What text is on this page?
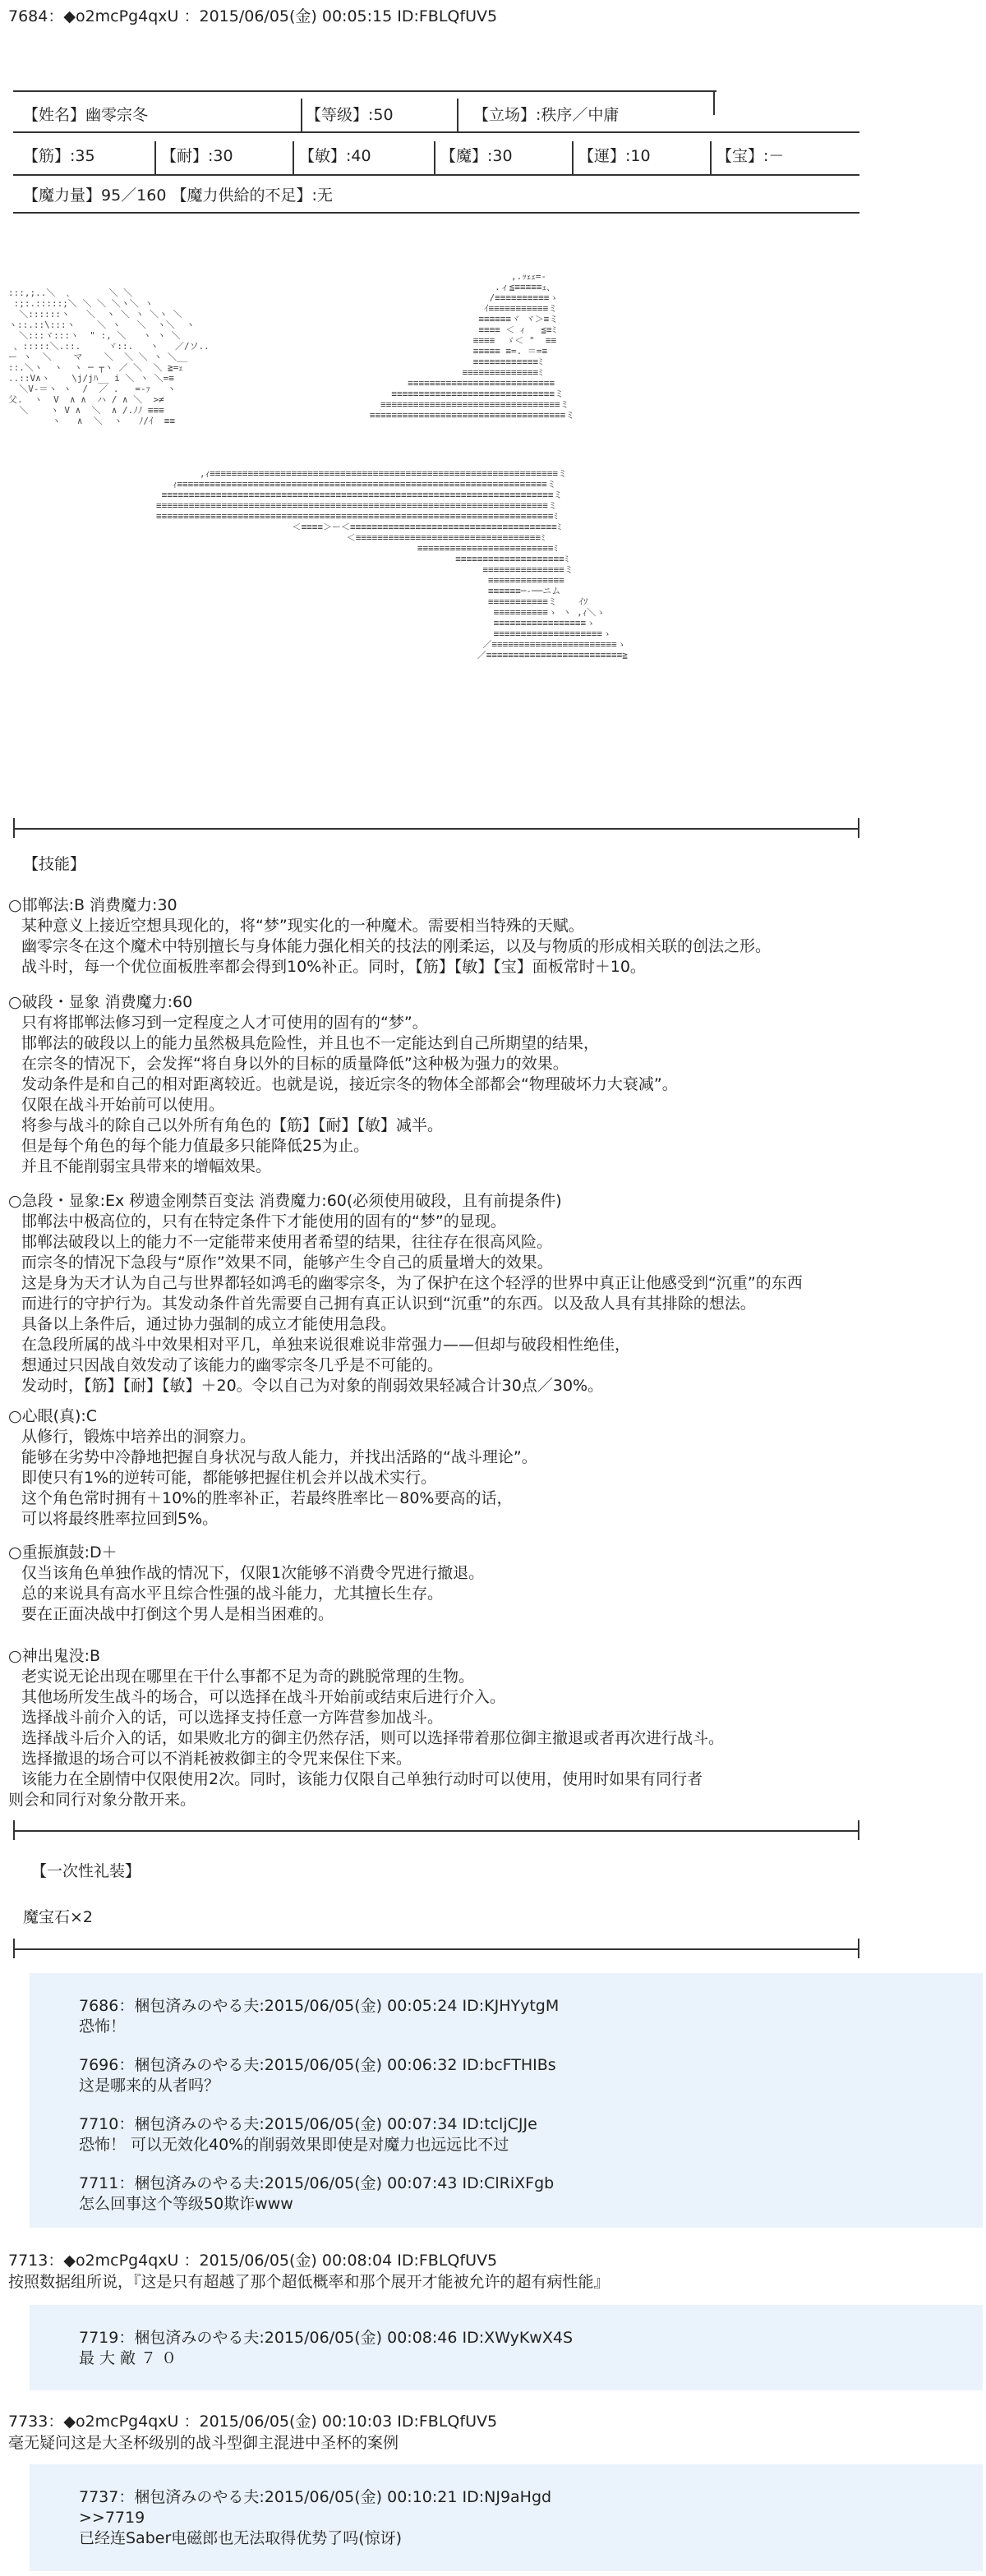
7684：◆o2mcPg4qxU ：2015/06/05(金) 00:05:15 ID:FBLQfUV5
【姓名】幽零宗冬	【等级】:50	【立场】:秩序／中庸
【筋】:35	【耐】:30	【敏】:40	【魔】:30	【運】:10	【宝】:－
【魔力量】95／160 【魔力供給的不足】:无
:::,;..＼  ､       ＼ ＼
:;:.:::::;＼ ＼ ＼ ＼ヽ＼ ヽ
＼::::::ヽ   ＼  ヽ ＼ ヽ ＼ヽ ＼
ヽ::.::\:::ヽ    ＼ ヽ   ＼  ヽ＼  ヽ
＼:::ヾ:::ヽ  " :, ＼   ヽ ヽ ＼
、:::::＼.::.     ヾ::.   ヽ   ／/ソ..
ー ヽ  ＼    マ    ＼  ＼ ＼ ヽ ＼__
::.＼ヽ  ヽ  ヽ ─ ┬ヽ ／ ＼  ＼ ≧=ｪ
..::V∧ヽ    \j/jﾊ__ i ＼ ヽ ＼=≡
＼V‐＝ヽ ヽ  /  ／ .   =-ｧ   ヽ
父.  ヽ  V  ∧ ∧  ハ / ∧ ＼  >≠
＼    ヽ V ∧  ＼  ∧ /.ﾉﾉ ≡≡≡
ヽ   ∧  ＼  ヽ   ﾉ/ｲ  ≡≡
,.ｯｪｪ=-
.ィ≦≡≡≡≡≡ｪ、
/≡≡≡≡≡≡≡≡≡≡ゝ
ｲ≡≡≡≡≡≡≡≡≡≡≡ミ
≡≡≡≡≡≡ヾ ヾ＞≡ミ
≡≡≡≡ ＜ ｨ   ≦≡ﾐ
≡≡≡≡  ゞ＜ "  ≡≡
≡≡≡≡≡ ≡=. ＝=≡
≡≡≡≡≡≡≡≡≡≡≡≡ﾐ
≡≡≡≡≡≡≡≡≡≡≡≡≡≡ﾐ
≡≡≡≡≡≡≡≡≡≡≡≡≡≡≡≡≡≡≡≡≡≡≡≡≡≡≡
≡≡≡≡≡≡≡≡≡≡≡≡≡≡≡≡≡≡≡≡≡≡≡≡≡≡≡≡≡≡ミ
≡≡≡≡≡≡≡≡≡≡≡≡≡≡≡≡≡≡≡≡≡≡≡≡≡≡≡≡≡≡≡≡≡ミ
≡≡≡≡≡≡≡≡≡≡≡≡≡≡≡≡≡≡≡≡≡≡≡≡≡≡≡≡≡≡≡≡≡≡≡≡ミ
,ｨ≡≡≡≡≡≡≡≡≡≡≡≡≡≡≡≡≡≡≡≡≡≡≡≡≡≡≡≡≡≡≡≡≡≡≡≡≡≡≡≡≡≡≡≡≡≡≡≡≡≡≡≡≡≡≡≡≡≡≡≡≡≡≡≡ミ
ｨ≡≡≡≡≡≡≡≡≡≡≡≡≡≡≡≡≡≡≡≡≡≡≡≡≡≡≡≡≡≡≡≡≡≡≡≡≡≡≡≡≡≡≡≡≡≡≡≡≡≡≡≡≡≡≡≡≡≡≡≡≡≡≡≡≡≡≡≡ミ
≡≡≡≡≡≡≡≡≡≡≡≡≡≡≡≡≡≡≡≡≡≡≡≡≡≡≡≡≡≡≡≡≡≡≡≡≡≡≡≡≡≡≡≡≡≡≡≡≡≡≡≡≡≡≡≡≡≡≡≡≡≡≡≡≡≡≡≡≡≡≡≡ミ
≡≡≡≡≡≡≡≡≡≡≡≡≡≡≡≡≡≡≡≡≡≡≡≡≡≡≡≡≡≡≡≡≡≡≡≡≡≡≡≡≡≡≡≡≡≡≡≡≡≡≡≡≡≡≡≡≡≡≡≡≡≡≡≡≡≡≡≡≡≡≡≡ミ
≡≡≡≡≡≡≡≡≡≡≡≡≡≡≡≡≡≡≡≡≡≡≡≡≡≡≡≡≡≡≡≡≡≡≡≡≡≡≡≡≡≡≡≡≡≡≡≡≡≡≡≡≡≡≡≡≡≡≡≡≡≡≡≡≡≡≡≡≡≡≡≡≡ﾐ
＜≡≡≡≡＞ー＜≡≡≡≡≡≡≡≡≡≡≡≡≡≡≡≡≡≡≡≡≡≡≡≡≡≡≡≡≡≡≡≡≡≡≡≡≡≡ﾐ
＜≡≡≡≡≡≡≡≡≡≡≡≡≡≡≡≡≡≡≡≡≡≡≡≡≡≡≡≡≡≡≡≡≡≡ﾐ
≡≡≡≡≡≡≡≡≡≡≡≡≡≡≡≡≡≡≡≡≡≡≡≡≡ﾐ
≡≡≡≡≡≡≡≡≡≡≡≡≡≡≡≡≡≡≡≡ﾐ
≡≡≡≡≡≡≡≡≡≡≡≡≡≡≡ミ
≡≡≡≡≡≡≡≡≡≡≡≡≡≡
≡≡≡≡≡≡─‐──ニム
≡≡≡≡≡≡≡≡≡≡≡ミ    ｲｿ
≡≡≡≡≡≡≡≡≡≡ゝ ヽ ,ｨ＼ゝ
≡≡≡≡≡≡≡≡≡≡≡≡≡≡≡≡≡ゝ
≡≡≡≡≡≡≡≡≡≡≡≡≡≡≡≡≡≡≡≡ゝ
／≡≡≡≡≡≡≡≡≡≡≡≡≡≡≡≡≡≡≡≡≡≡≡ゝ
／≡≡≡≡≡≡≡≡≡≡≡≡≡≡≡≡≡≡≡≡≡≡≡≡≡≧
【技能】
○邯郸法:B 消费魔力:30
某种意义上接近空想具现化的，将“梦”现实化的一种魔术。需要相当特殊的天赋。
幽零宗冬在这个魔术中特别擅长与身体能力强化相关的技法的刚柔运，以及与物质的形成相关联的创法之形。
战斗时，每一个优位面板胜率都会得到10%补正。同时，【筋】【敏】【宝】面板常时＋10。
○破段・显象 消费魔力:60
只有将邯郸法修习到一定程度之人才可使用的固有的“梦”。
邯郸法的破段以上的能力虽然极具危险性，并且也不一定能达到自己所期望的结果，
在宗冬的情况下，会发挥“将自身以外的目标的质量降低”这种极为强力的效果。
发动条件是和自己的相对距离较近。也就是说，接近宗冬的物体全部都会“物理破坏力大衰减”。
仅限在战斗开始前可以使用。
将参与战斗的除自己以外所有角色的【筋】【耐】【敏】减半。
但是每个角色的每个能力值最多只能降低25为止。
并且不能削弱宝具带来的增幅效果。
○急段・显象:Ex 秽遗金刚禁百变法 消费魔力:60(必须使用破段，且有前提条件)
邯郸法中极高位的，只有在特定条件下才能使用的固有的“梦”的显现。
邯郸法破段以上的能力不一定能带来使用者希望的结果，往往存在很高风险。
而宗冬的情况下急段与“原作”效果不同，能够产生令自己的质量增大的效果。
这是身为天才认为自己与世界都轻如鸿毛的幽零宗冬，为了保护在这个轻浮的世界中真正让他感受到“沉重”的东西
而进行的守护行为。其发动条件首先需要自己拥有真正认识到“沉重”的东西。以及敌人具有其排除的想法。
具备以上条件后，通过协力强制的成立才能使用急段。
在急段所属的战斗中效果相对平几，单独来说很难说非常强力——但却与破段相性绝佳，
想通过只因战自效发动了该能力的幽零宗冬几乎是不可能的。
发动时，【筋】【耐】【敏】＋20。令以自己为对象的削弱效果轻减合计30点／30%。
○心眼(真):C
从修行，锻炼中培养出的洞察力。
能够在劣势中冷静地把握自身状况与敌人能力，并找出活路的“战斗理论”。
即使只有1%的逆转可能，都能够把握住机会并以战术实行。
这个角色常时拥有＋10%的胜率补正，若最终胜率比－80%要高的话，
可以将最终胜率拉回到5%。
○重振旗鼓:D＋
仅当该角色单独作战的情况下，仅限1次能够不消费令咒进行撤退。
总的来说具有高水平且综合性强的战斗能力，尤其擅长生存。
要在正面决战中打倒这个男人是相当困难的。
○神出鬼没:B
老实说无论出现在哪里在干什么事都不足为奇的跳脱常理的生物。
其他场所发生战斗的场合，可以选择在战斗开始前或结束后进行介入。
选择战斗前介入的话，可以选择支持任意一方阵营参加战斗。
选择战斗后介入的话，如果败北方的御主仍然存活，则可以选择带着那位御主撤退或者再次进行战斗。
选择撤退的场合可以不消耗被救御主的令咒来保住下来。
该能力在全剧情中仅限使用2次。同时，该能力仅限自己单独行动时可以使用，使用时如果有同行者
则会和同行对象分散开来。
【一次性礼装】
魔宝石×2
7686：梱包済みのやる夫:2015/06/05(金) 00:05:24 ID:KJHYytgM
恐怖！
7696：梱包済みのやる夫:2015/06/05(金) 00:06:32 ID:bcFTHIBs
这是哪来的从者吗？
7710：梱包済みのやる夫:2015/06/05(金) 00:07:34 ID:tcljCJJe
恐怖！ 可以无效化40%的削弱效果即使是对魔力也远远比不过
7711：梱包済みのやる夫:2015/06/05(金) 00:07:43 ID:ClRiXFgb
怎么回事这个等级50欺诈www
7713：◆o2mcPg4qxU ：2015/06/05(金) 00:08:04 ID:FBLQfUV5
按照数据组所说，『这是只有超越了那个超低概率和那个展开才能被允许的超有病性能』
7719：梱包済みのやる夫:2015/06/05(金) 00:08:46 ID:XWyKwX4S
最 大 敵 ７ ０
7733：◆o2mcPg4qxU ：2015/06/05(金) 00:10:03 ID:FBLQfUV5
毫无疑问这是大圣杯级别的战斗型御主混进中圣杯的案例
7737：梱包済みのやる夫:2015/06/05(金) 00:10:21 ID:NJ9aHgd
>>7719
已经连Saber电磁郎也无法取得优势了吗(惊讶)
